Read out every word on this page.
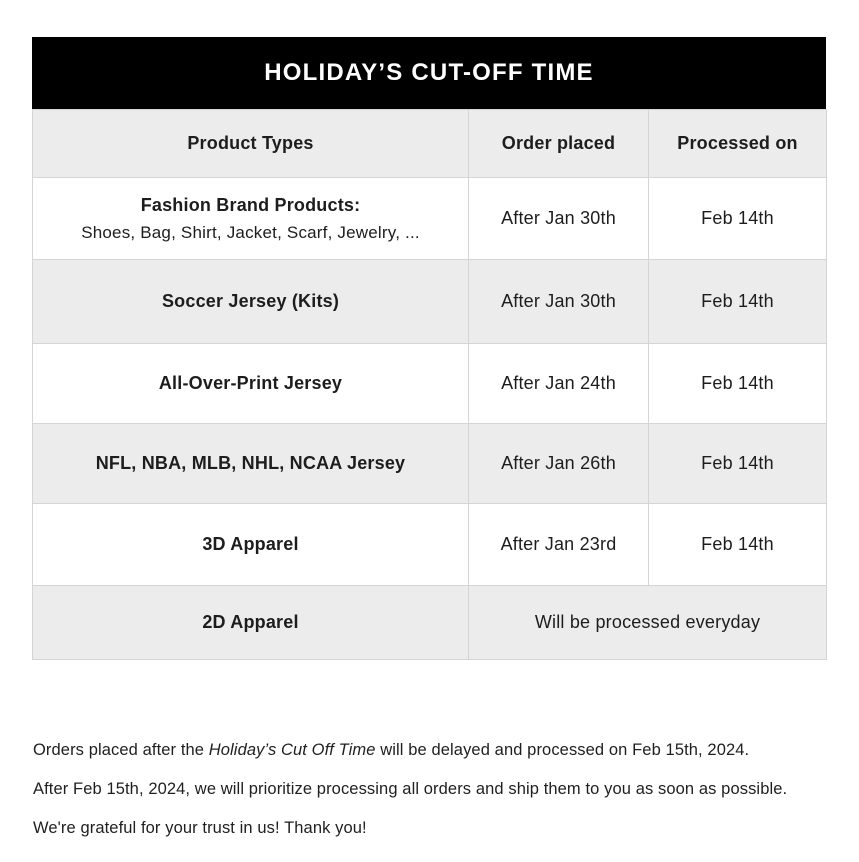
HOLIDAY’S CUT-OFF TIME
Product Types	Order placed	Processed on

Fashion Brand Products:
Shoes, Bag, Shirt, Jacket, Scarf, Jewelry, ...	After Jan 30th	Feb 14th
Soccer Jersey (Kits)	After Jan 30th	Feb 14th
All-Over-Print Jersey	After Jan 24th	Feb 14th
NFL, NBA, MLB, NHL, NCAA Jersey	After Jan 26th	Feb 14th
3D Apparel	After Jan 23rd	Feb 14th
2D Apparel	Will be processed everyday	

Orders placed after the Holiday’s Cut Off Time will be delayed and processed on Feb 15th, 2024.

After Feb 15th, 2024, we will prioritize processing all orders and ship them to you as soon as possible.

We're grateful for your trust in us! Thank you!
